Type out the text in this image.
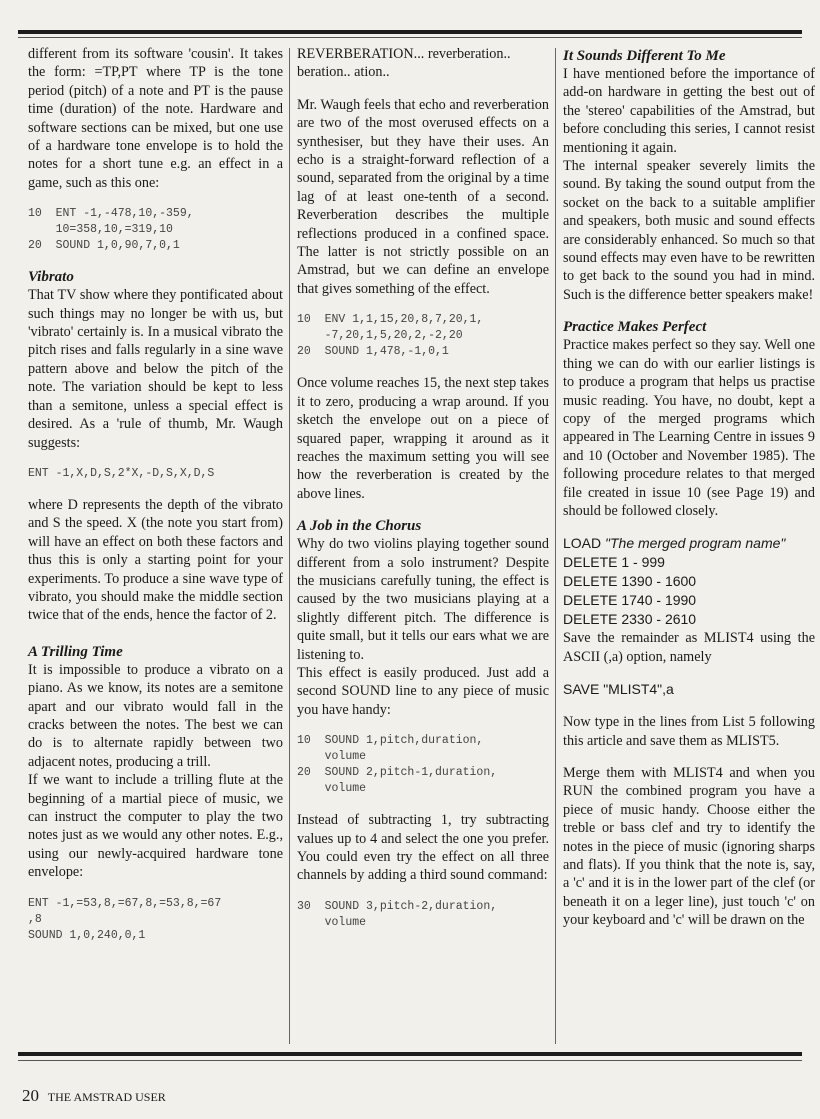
different from its software 'cousin'. It takes the form: =TP,PT where TP is the tone period (pitch) of a note and PT is the pause time (duration) of the note. Hardware and software sections can be mixed, but one use of a hardware tone envelope is to hold the notes for a short tune e.g. an effect in a game, such as this one:

10  ENT -1,-478,10,-359,
10=358,10,=319,10
20  SOUND 1,0,90,7,0,1
Vibrato

That TV show where they pontificated about such things may no longer be with us, but 'vibrato' certainly is. In a musical vibrato the pitch rises and falls regularly in a sine wave pattern above and below the pitch of the note. The variation should be kept to less than a semitone, unless a special effect is desired. As a 'rule of thumb, Mr. Waugh suggests:

ENT -1,X,D,S,2*X,-D,S,X,D,S

where D represents the depth of the vibrato and S the speed. X (the note you start from) will have an effect on both these factors and thus this is only a starting point for your experiments. To produce a sine wave type of vibrato, you should make the middle section twice that of the ends, hence the factor of 2.

A Trilling Time

It is impossible to produce a vibrato on a piano. As we know, its notes are a semitone apart and our vibrato would fall in the cracks between the notes. The best we can do is to alternate rapidly between two adjacent notes, producing a trill.

If we want to include a trilling flute at the beginning of a martial piece of music, we can instruct the computer to play the two notes just as we would any other notes. E.g., using our newly-acquired hardware tone envelope:

ENT -1,=53,8,=67,8,=53,8,=67
,8
SOUND 1,0,240,0,1

REVERBERATION... reverberation.. beration.. ation..

Mr. Waugh feels that echo and reverberation are two of the most overused effects on a synthesiser, but they have their uses. An echo is a straight-forward reflection of a sound, separated from the original by a time lag of at least one-tenth of a second. Reverberation describes the multiple reflections produced in a confined space. The latter is not strictly possible on an Amstrad, but we can define an envelope that gives something of the effect.

10  ENV 1,1,15,20,8,7,20,1,
-7,20,1,5,20,2,-2,20
20  SOUND 1,478,-1,0,1

Once volume reaches 15, the next step takes it to zero, producing a wrap around. If you sketch the envelope out on a piece of squared paper, wrapping it around as it reaches the maximum setting you will see how the reverberation is created by the above lines.

A Job in the Chorus

Why do two violins playing together sound different from a solo instrument? Despite the musicians carefully tuning, the effect is caused by the two musicians playing at a slightly different pitch. The difference is quite small, but it tells our ears what we are listening to.

This effect is easily produced. Just add a second SOUND line to any piece of music you have handy:

10  SOUND 1,pitch,duration,
volume
20  SOUND 2,pitch-1,duration,
volume

Instead of subtracting 1, try subtracting values up to 4 and select the one you prefer. You could even try the effect on all three channels by adding a third sound command:

30  SOUND 3,pitch-2,duration,
volume
It Sounds Different To Me

I have mentioned before the importance of add-on hardware in getting the best out of the 'stereo' capabilities of the Amstrad, but before concluding this series, I cannot resist mentioning it again.

The internal speaker severely limits the sound. By taking the sound output from the socket on the back to a suitable amplifier and speakers, both music and sound effects are considerably enhanced. So much so that sound effects may even have to be rewritten to get back to the sound you had in mind. Such is the difference better speakers make!

Practice Makes Perfect

Practice makes perfect so they say. Well one thing we can do with our earlier listings is to produce a program that helps us practise music reading. You have, no doubt, kept a copy of the merged programs which appeared in The Learning Centre in issues 9 and 10 (October and November 1985). The following procedure relates to that merged file created in issue 10 (see Page 19) and should be followed closely.

LOAD "The merged program name"

DELETE 1 - 999

DELETE 1390 - 1600

DELETE 1740 - 1990

DELETE 2330 - 2610

Save the remainder as MLIST4 using the ASCII (,a) option, namely

SAVE "MLIST4",a

Now type in the lines from List 5 following this article and save them as MLIST5.

Merge them with MLIST4 and when you RUN the combined program you have a piece of music handy. Choose either the treble or bass clef and try to identify the notes in the piece of music (ignoring sharps and flats). If you think that the note is, say, a 'c' and it is in the lower part of the clef (or beneath it on a leger line), just touch 'c' on your keyboard and 'c' will be drawn on the

20 THE AMSTRAD USER
